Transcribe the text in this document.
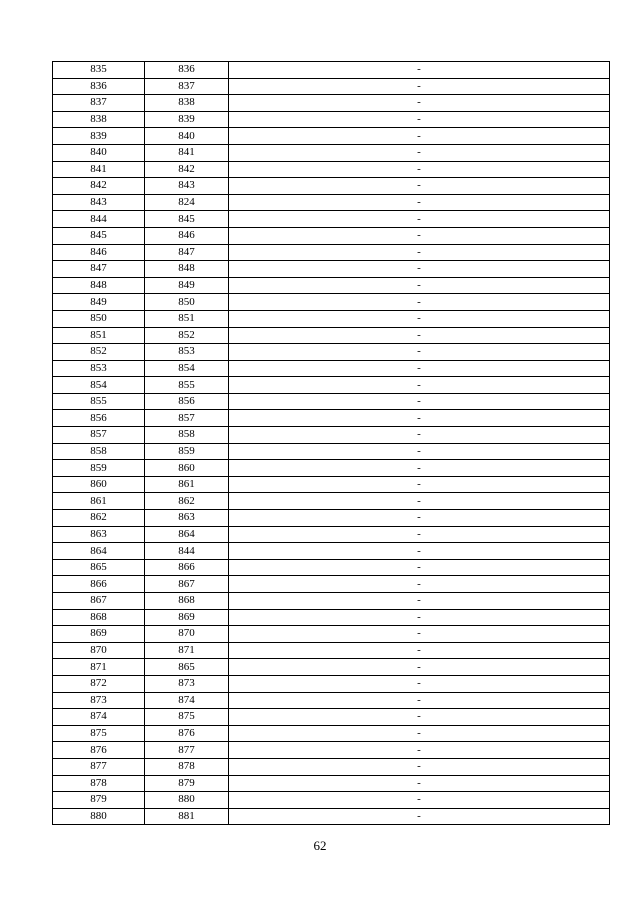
835	836	-
836	837	-
837	838	-
838	839	-
839	840	-
840	841	-
841	842	-
842	843	-
843	824	-
844	845	-
845	846	-
846	847	-
847	848	-
848	849	-
849	850	-
850	851	-
851	852	-
852	853	-
853	854	-
854	855	-
855	856	-
856	857	-
857	858	-
858	859	-
859	860	-
860	861	-
861	862	-
862	863	-
863	864	-
864	844	-
865	866	-
866	867	-
867	868	-
868	869	-
869	870	-
870	871	-
871	865	-
872	873	-
873	874	-
874	875	-
875	876	-
876	877	-
877	878	-
878	879	-
879	880	-
880	881	-
62
